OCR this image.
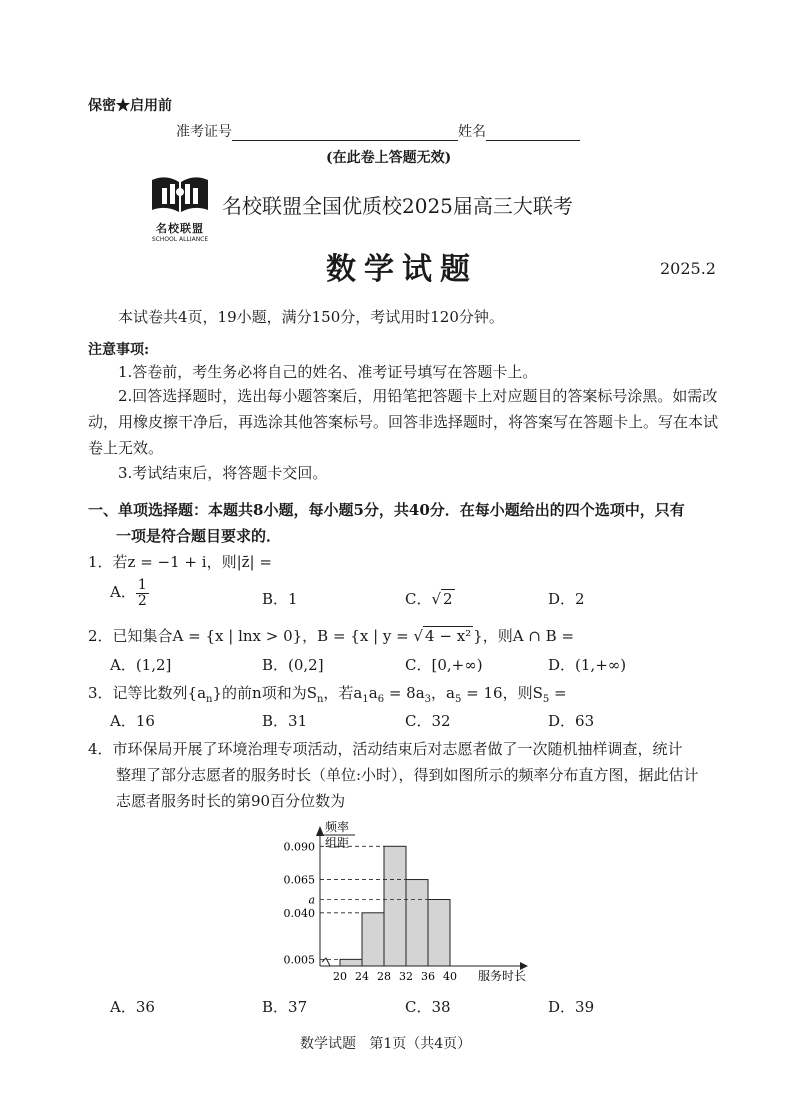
保密★启用前
准考证号	姓名
(在此卷上答题无效)
名校联盟
SCHOOL ALLIANCE
名校联盟全国优质校2025届高三大联考
数学试题	2025.2
本试卷共4页，19小题，满分150分，考试用时120分钟。
注意事项:
1.答卷前，考生务必将自己的姓名、准考证号填写在答题卡上。
2.回答选择题时，选出每小题答案后，用铅笔把答题卡上对应题目的答案标号涂黑。如需改动，用橡皮擦干净后，再选涂其他答案标号。回答非选择题时，将答案写在答题卡上。写在本试卷上无效。
3.考试结束后，将答题卡交回。
一、单项选择题：本题共8小题，每小题5分，共40分．在每小题给出的四个选项中，只有
一项是符合题目要求的．
1．若z = −1 + i，则|z̄| =
A． $\frac{1}{2}$	B．1	C．√ 2	D．2
2．已知集合A = {x | lnx > 0}，B = {x | y = √ 4 − x² }，则A ∩ B =
A．(1,2]	B．(0,2]	C．[0,+∞)	D．(1,+∞)
3．记等比数列$\{a_n\}$的前n项和为$S_n$，若$a_1a_6 = 8a_3$，$a_5 = 16$，则$S_5$ =
A．16	B．31	C．32	D．63
4．市环保局开展了环境治理专项活动，活动结束后对志愿者做了一次随机抽样调查，统计
整理了部分志愿者的服务时长（单位:小时），得到如图所示的频率分布直方图，据此估计
志愿者服务时长的第90百分位数为
频率
组距
服务时长
0.005
0.040
a
0.065
0.090
20 24 28 32 36 40
A．36	B．37	C．38	D．39
数学试题 第1页（共4页）
